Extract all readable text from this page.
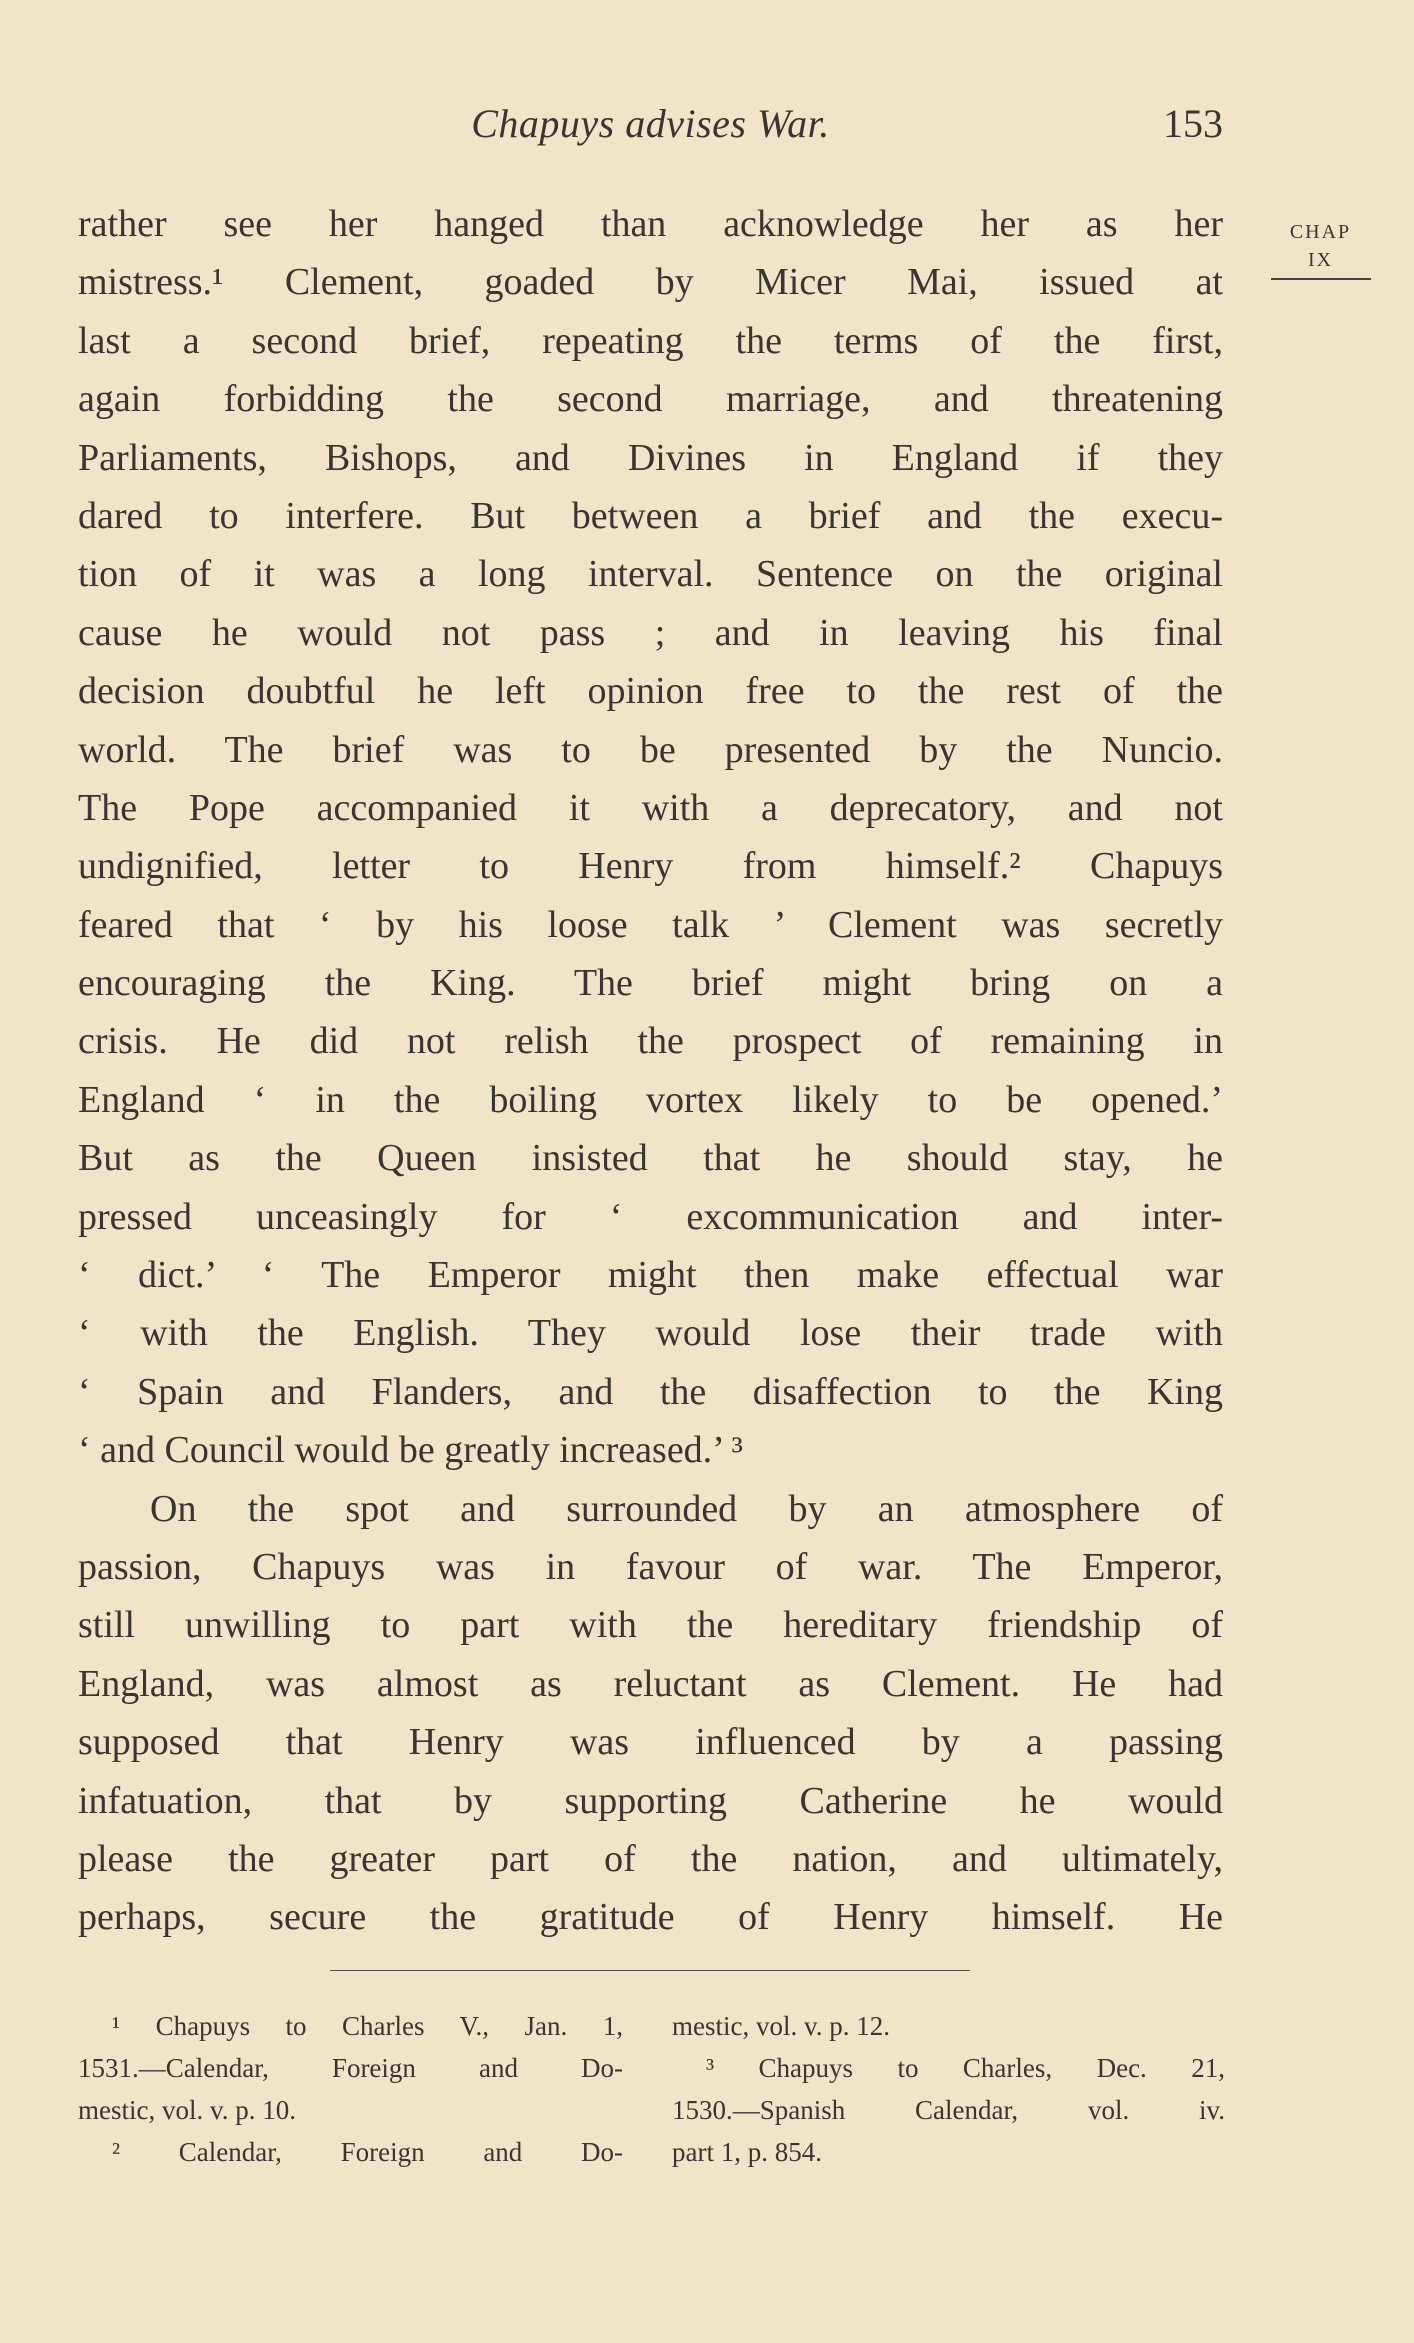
Chapuys advises War.	153
CHAP
IX
rather see her hanged than acknowledge her as her
mistress.¹ Clement, goaded by Micer Mai, issued at
last a second brief, repeating the terms of the first,
again forbidding the second marriage, and threatening
Parliaments, Bishops, and Divines in England if they
dared to interfere. But between a brief and the execu-
tion of it was a long interval. Sentence on the original
cause he would not pass ; and in leaving his final
decision doubtful he left opinion free to the rest of the
world. The brief was to be presented by the Nuncio.
The Pope accompanied it with a deprecatory, and not
undignified, letter to Henry from himself.² Chapuys
feared that ‘ by his loose talk ’ Clement was secretly
encouraging the King. The brief might bring on a
crisis. He did not relish the prospect of remaining in
England ‘ in the boiling vortex likely to be opened.’
But as the Queen insisted that he should stay, he
pressed unceasingly for ‘ excommunication and inter-
‘ dict.’ ‘ The Emperor might then make effectual war
‘ with the English. They would lose their trade with
‘ Spain and Flanders, and the disaffection to the King
‘ and Council would be greatly increased.’ ³
On the spot and surrounded by an atmosphere of
passion, Chapuys was in favour of war. The Emperor,
still unwilling to part with the hereditary friendship of
England, was almost as reluctant as Clement. He had
supposed that Henry was influenced by a passing
infatuation, that by supporting Catherine he would
please the greater part of the nation, and ultimately,
perhaps, secure the gratitude of Henry himself. He
¹ Chapuys to Charles V., Jan. 1,
1531.—Calendar, Foreign and Do-
mestic, vol. v. p. 10.
² Calendar, Foreign and Do-
mestic, vol. v. p. 12.
³ Chapuys to Charles, Dec. 21,
1530.—Spanish Calendar, vol. iv.
part 1, p. 854.
